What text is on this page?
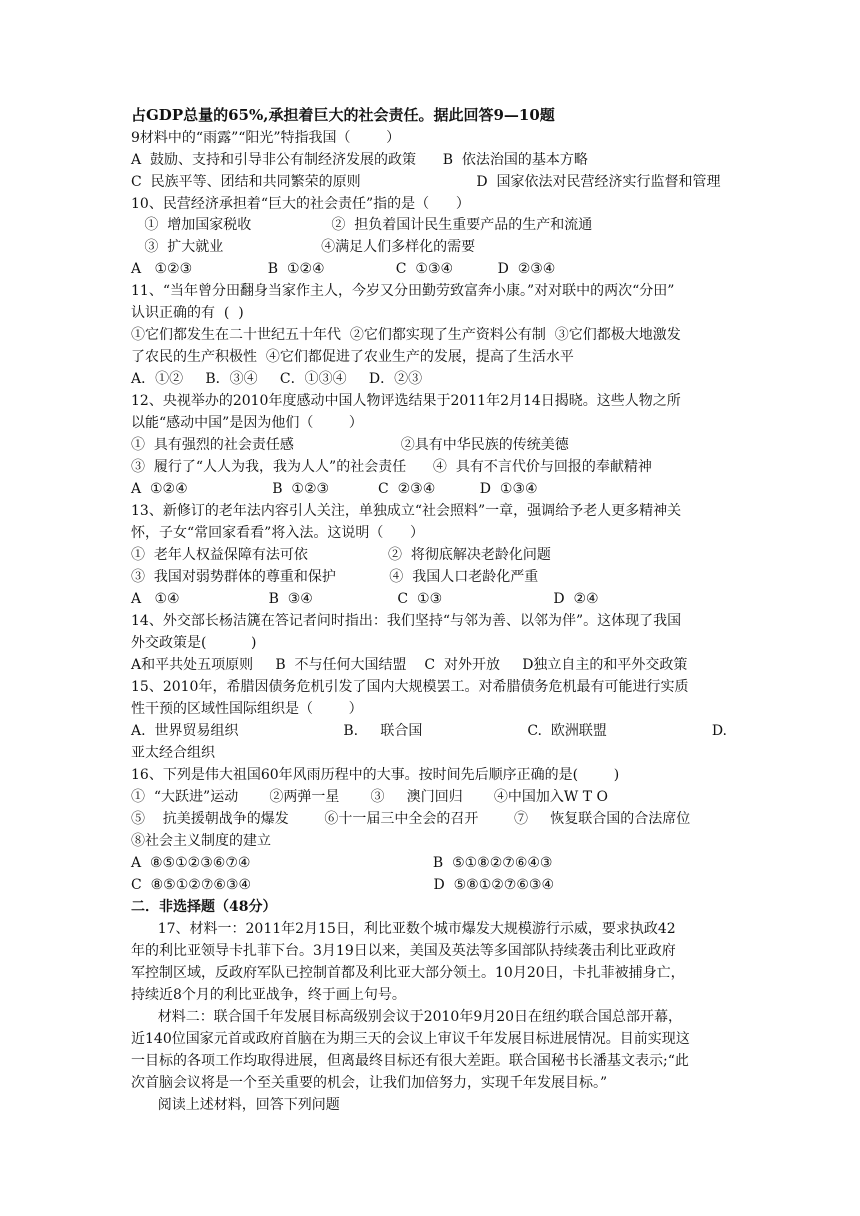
占GDP总量的65%,承担着巨大的社会责任。据此回答9—10题
9材料中的“雨露”“阳光”特指我国（        ）
A  鼓励、支持和引导非公有制经济发展的政策      B  依法治国的基本方略
C  民族平等、团结和共同繁荣的原则                          D  国家依法对民营经济实行监督和管理
10、民营经济承担着“巨大的社会责任”指的是（      ）
①  增加国家税收                  ②  担负着国计民生重要产品的生产和流通
③  扩大就业                      ④满足人们多样化的需要
A   ①②③                 B  ①②④                C  ①③④          D  ②③④
11、“当年曾分田翻身当家作主人，今岁又分田勤劳致富奔小康。”对对联中的两次“分田”
认识正确的有  (  )
①它们都发生在二十世纪五十年代  ②它们都实现了生产资料公有制  ③它们都极大地激发
了农民的生产积极性  ④它们都促进了农业生产的发展，提高了生活水平
A．①②     B．③④     C．①③④     D．②③
12、央视举办的2010年度感动中国人物评选结果于2011年2月14日揭晓。这些人物之所
以能“感动中国”是因为他们（        ）
①  具有强烈的社会责任感                        ②具有中华民族的传统美德
③  履行了“人人为我，我为人人”的社会责任      ④  具有不言代价与回报的奉献精神
A  ①②④                   B  ①②③           C  ②③④          D  ①③④
13、新修订的老年法内容引人关注，单独成立“社会照料”一章，强调给予老人更多精神关
怀，子女“常回家看看”将入法。这说明（      ）
①  老年人权益保障有法可依                  ②  将彻底解决老龄化问题
③  我国对弱势群体的尊重和保护            ④  我国人口老龄化严重
A   ①④                    B  ③④                   C  ①③                         D  ②④
14、外交部长杨洁篪在答记者问时指出：我们坚持“与邻为善、以邻为伴”。这体现了我国
外交政策是(          )
A和平共处五项原则     B  不与任何大国结盟    C  对外开放     D独立自主的和平外交政策
15、2010年，希腊因债务危机引发了国内大规模罢工。对希腊债务危机最有可能进行实质
性干预的区域性国际组织是（        ）
A.  世界贸易组织	B.     联合国	C.  欧洲联盟	D.
亚太经合组织
16、下列是伟大祖国60年风雨历程中的大事。按时间先后顺序正确的是(        )
①  “大跃进”运动       ②两弹一星       ③     澳门回归       ④中国加入W T O
⑤    抗美援朝战争的爆发        ⑥十一届三中全会的召开        ⑦     恢复联合国的合法席位
⑧社会主义制度的建立
A  ⑧⑤①②③⑥⑦④                                         B  ⑤①⑧②⑦⑥④③
C  ⑧⑤①②⑦⑥③④                                         D  ⑤⑧①②⑦⑥③④
二．非选择题（48分）
17、材料一：2011年2月15日，利比亚数个城市爆发大规模游行示威，要求执政42
年的利比亚领导卡扎菲下台。3月19日以来，美国及英法等多国部队持续袭击利比亚政府
军控制区域，反政府军队已控制首都及利比亚大部分领土。10月20日，卡扎菲被捕身亡，
持续近8个月的利比亚战争，终于画上句号。
材料二：联合国千年发展目标高级别会议于2010年9月20日在纽约联合国总部开幕，
近140位国家元首或政府首脑在为期三天的会议上审议千年发展目标进展情况。目前实现这
一目标的各项工作均取得进展，但离最终目标还有很大差距。联合国秘书长潘基文表示;“此
次首脑会议将是一个至关重要的机会，让我们加倍努力，实现千年发展目标。”
阅读上述材料，回答下列问题
